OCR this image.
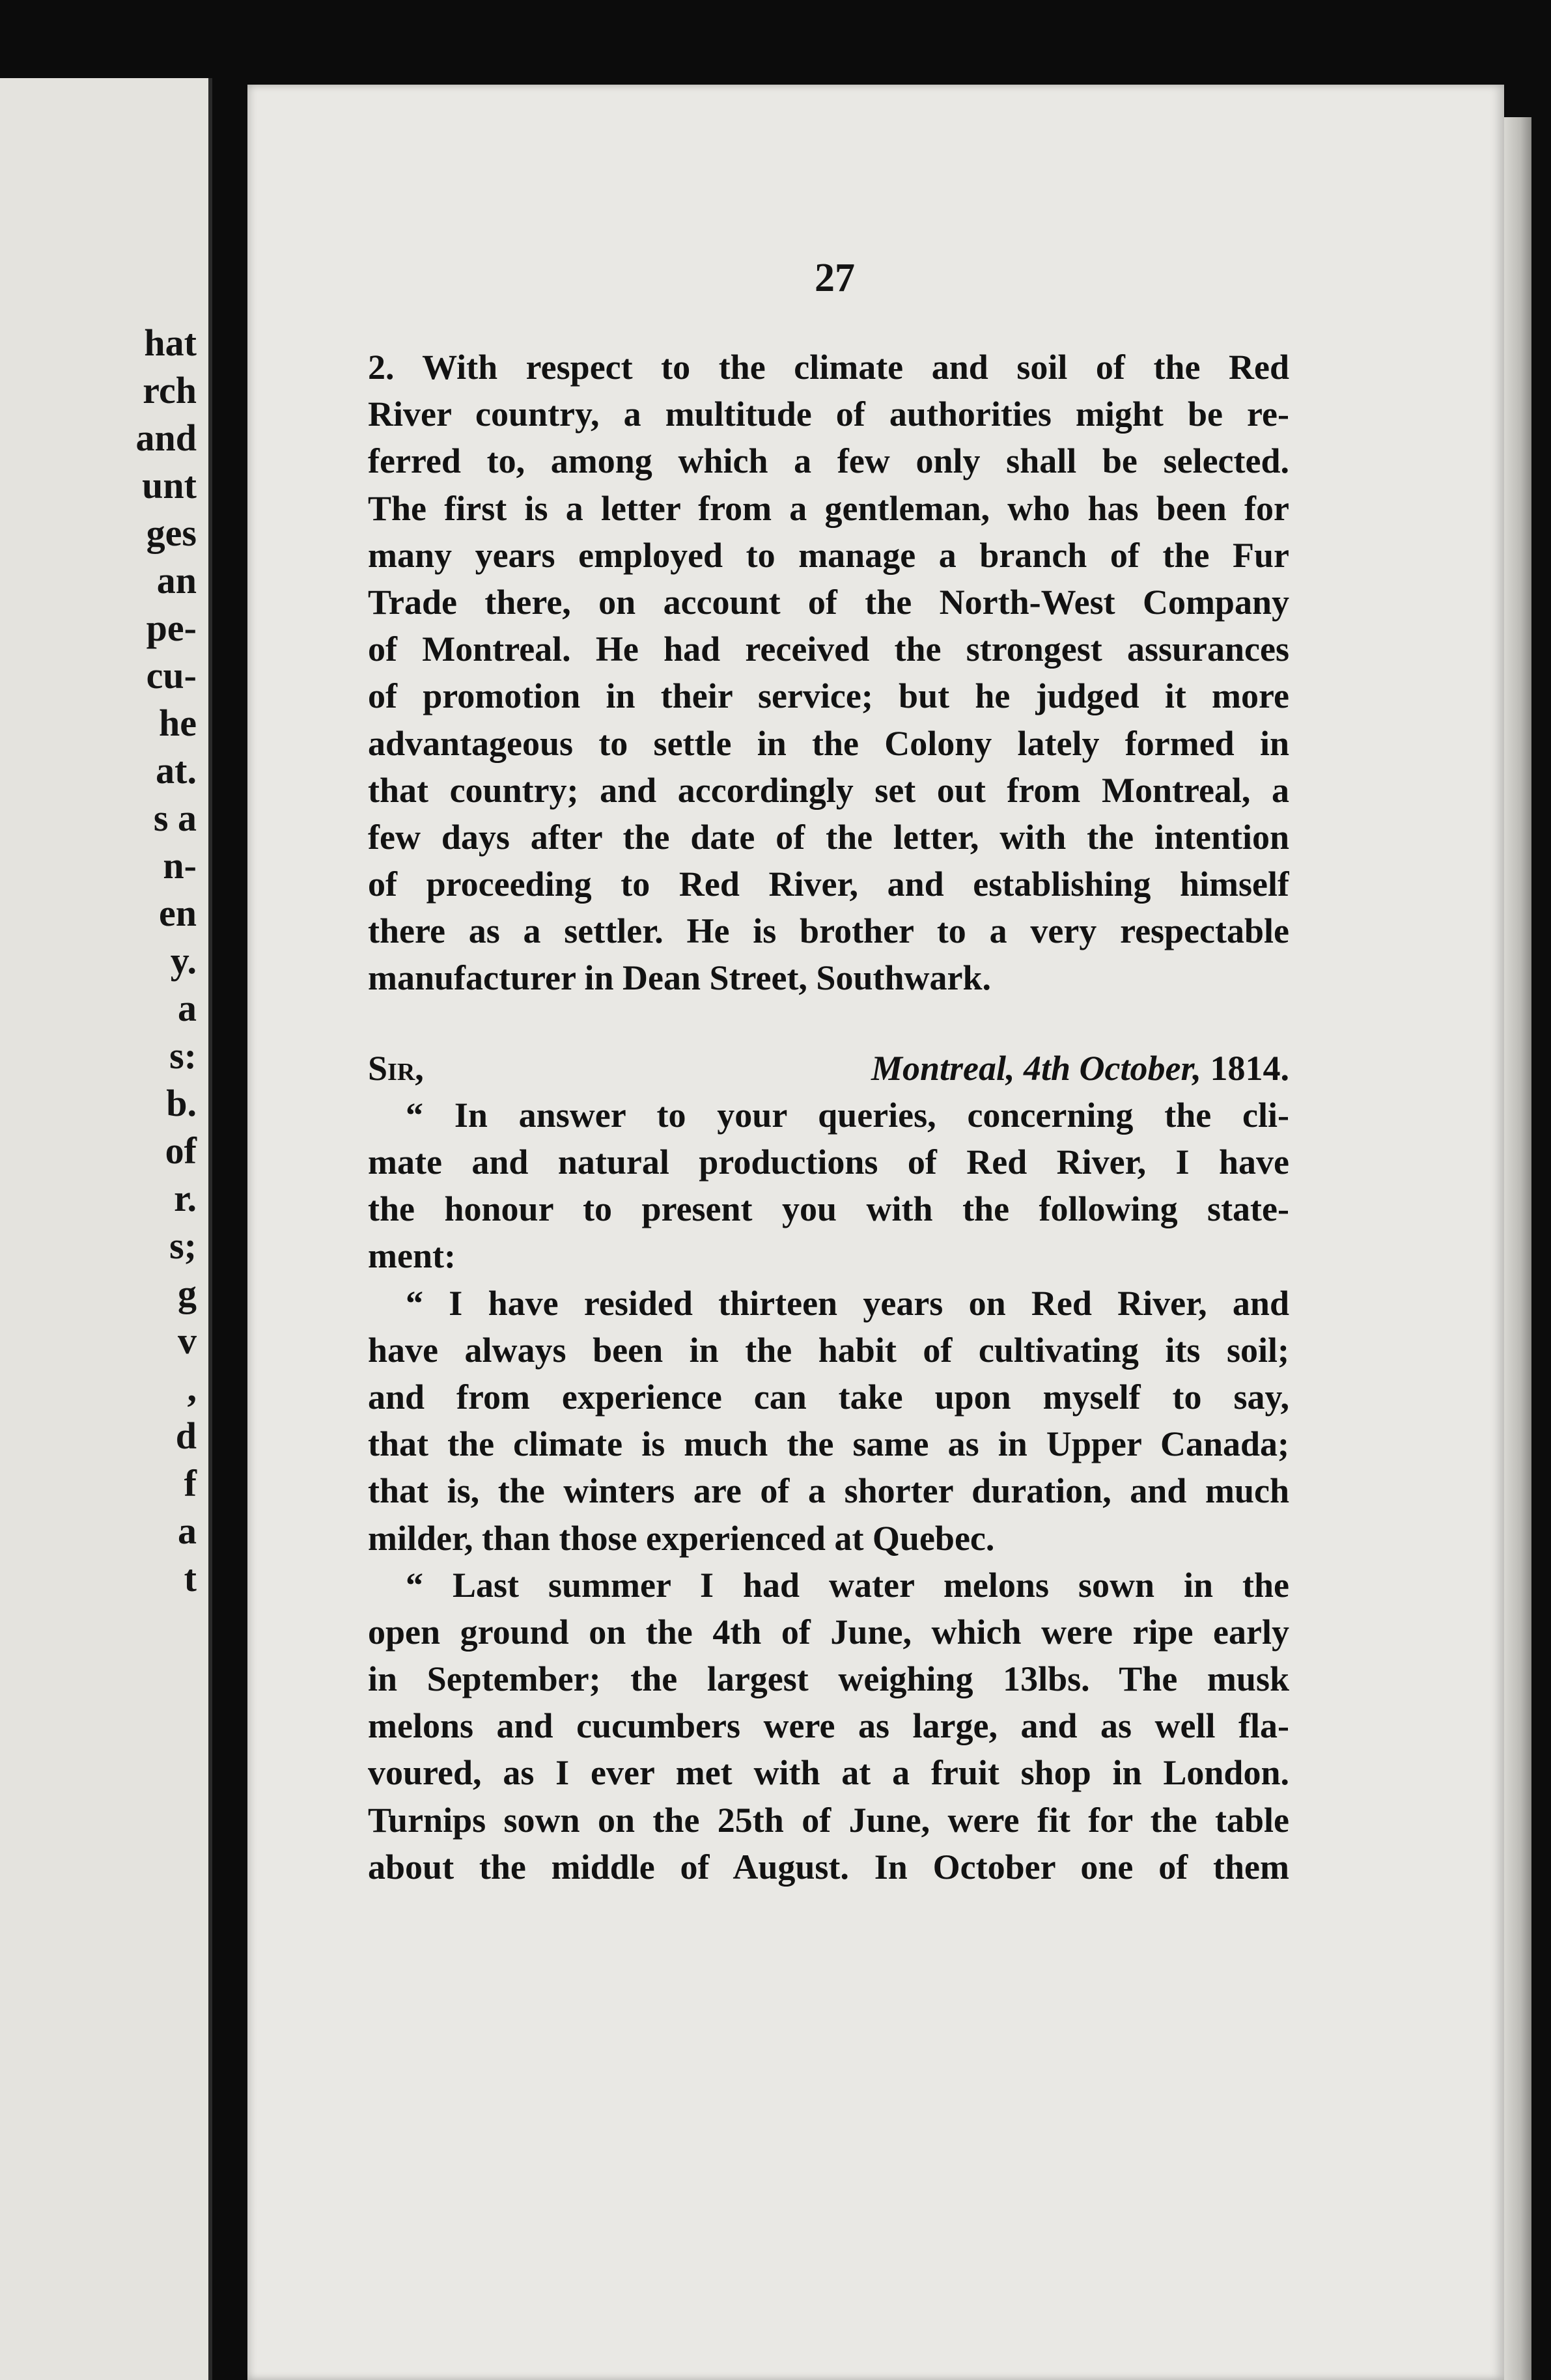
hat
rch
and
unt
ges
an
pe-
cu-
he
at.
s a
n-
en
y.
a
s:
b.
of
r.
s;
g
v
,
d
f
a
t

27

2. With respect to the climate and soil of the Red
River country, a multitude of authorities might be re-
ferred to, among which a few only shall be selected.
The first is a letter from a gentleman, who has been for
many years employed to manage a branch of the Fur
Trade there, on account of the North-West Company
of Montreal. He had received the strongest assurances
of promotion in their service; but he judged it more
advantageous to settle in the Colony lately formed in
that country; and accordingly set out from Montreal, a
few days after the date of the letter, with the intention
of proceeding to Red River, and establishing himself
there as a settler. He is brother to a very respectable
manufacturer in Dean Street, Southwark.
Sir,	Montreal, 4th October, 1814.
“ In answer to your queries, concerning the cli-
mate and natural productions of Red River, I have
the honour to present you with the following state-
ment:
“ I have resided thirteen years on Red River, and
have always been in the habit of cultivating its soil;
and from experience can take upon myself to say,
that the climate is much the same as in Upper Canada;
that is, the winters are of a shorter duration, and much
milder, than those experienced at Quebec.
“ Last summer I had water melons sown in the
open ground on the 4th of June, which were ripe early
in September; the largest weighing 13lbs. The musk
melons and cucumbers were as large, and as well fla-
voured, as I ever met with at a fruit shop in London.
Turnips sown on the 25th of June, were fit for the table
about the middle of August. In October one of them
